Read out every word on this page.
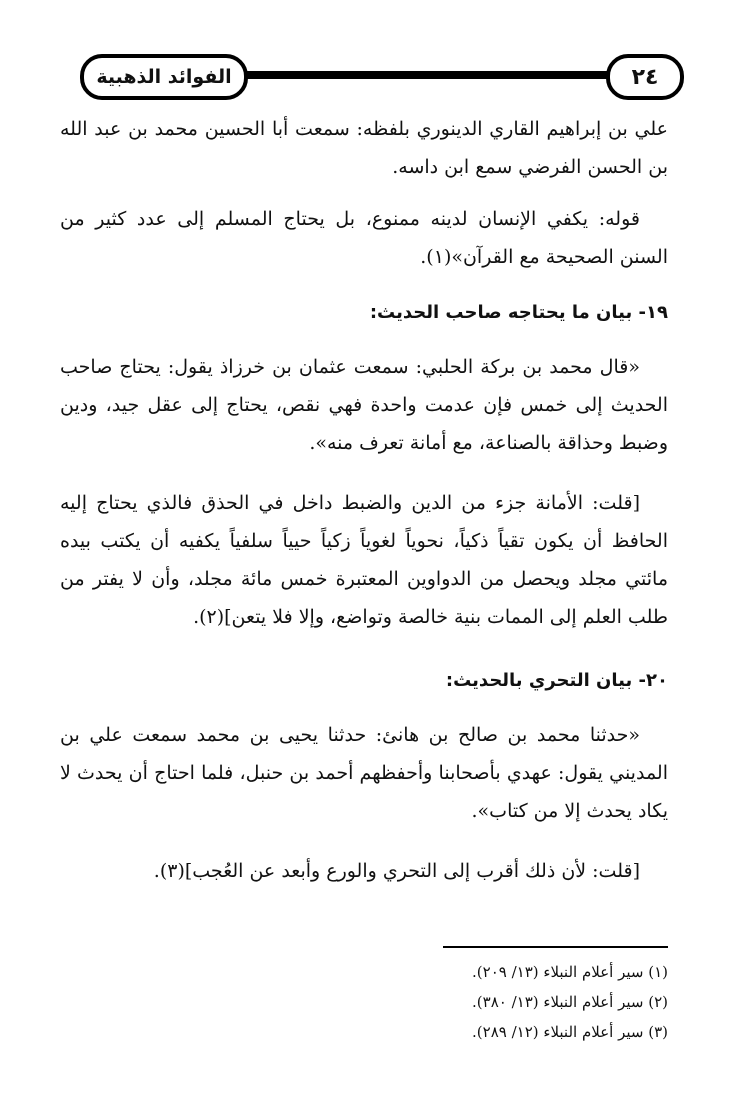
الفوائد الذهبية	٢٤
علي بن إبراهيم القاري الدينوري بلفظه: سمعت أبا الحسين محمد بن عبد الله بن الحسن الفرضي سمع ابن داسه.
قوله: يكفي الإنسان لدينه ممنوع، بل يحتاج المسلم إلى عدد كثير من السنن الصحيحة مع القرآن»(١).
١٩- بيان ما يحتاجه صاحب الحديث:
«قال محمد بن بركة الحلبي: سمعت عثمان بن خرزاذ يقول: يحتاج صاحب الحديث إلى خمس فإن عدمت واحدة فهي نقص، يحتاج إلى عقل جيد، ودين وضبط وحذاقة بالصناعة، مع أمانة تعرف منه».
[قلت: الأمانة جزء من الدين والضبط داخل في الحذق فالذي يحتاج إليه الحافظ أن يكون تقياً ذكياً، نحوياً لغوياً زكياً حيياً سلفياً يكفيه أن يكتب بيده مائتي مجلد ويحصل من الدواوين المعتبرة خمس مائة مجلد، وأن لا يفتر من طلب العلم إلى الممات بنية خالصة وتواضع، وإلا فلا يتعن](٢).
٢٠- بيان التحري بالحديث:
«حدثنا محمد بن صالح بن هانئ: حدثنا يحيى بن محمد سمعت علي بن المديني يقول: عهدي بأصحابنا وأحفظهم أحمد بن حنبل، فلما احتاج أن يحدث لا يكاد يحدث إلا من كتاب».
[قلت: لأن ذلك أقرب إلى التحري والورع وأبعد عن العُجب](٣).
(١) سير أعلام النبلاء (١٣/ ٢٠٩).
(٢) سير أعلام النبلاء (١٣/ ٣٨٠).
(٣) سير أعلام النبلاء (١٢/ ٢٨٩).
